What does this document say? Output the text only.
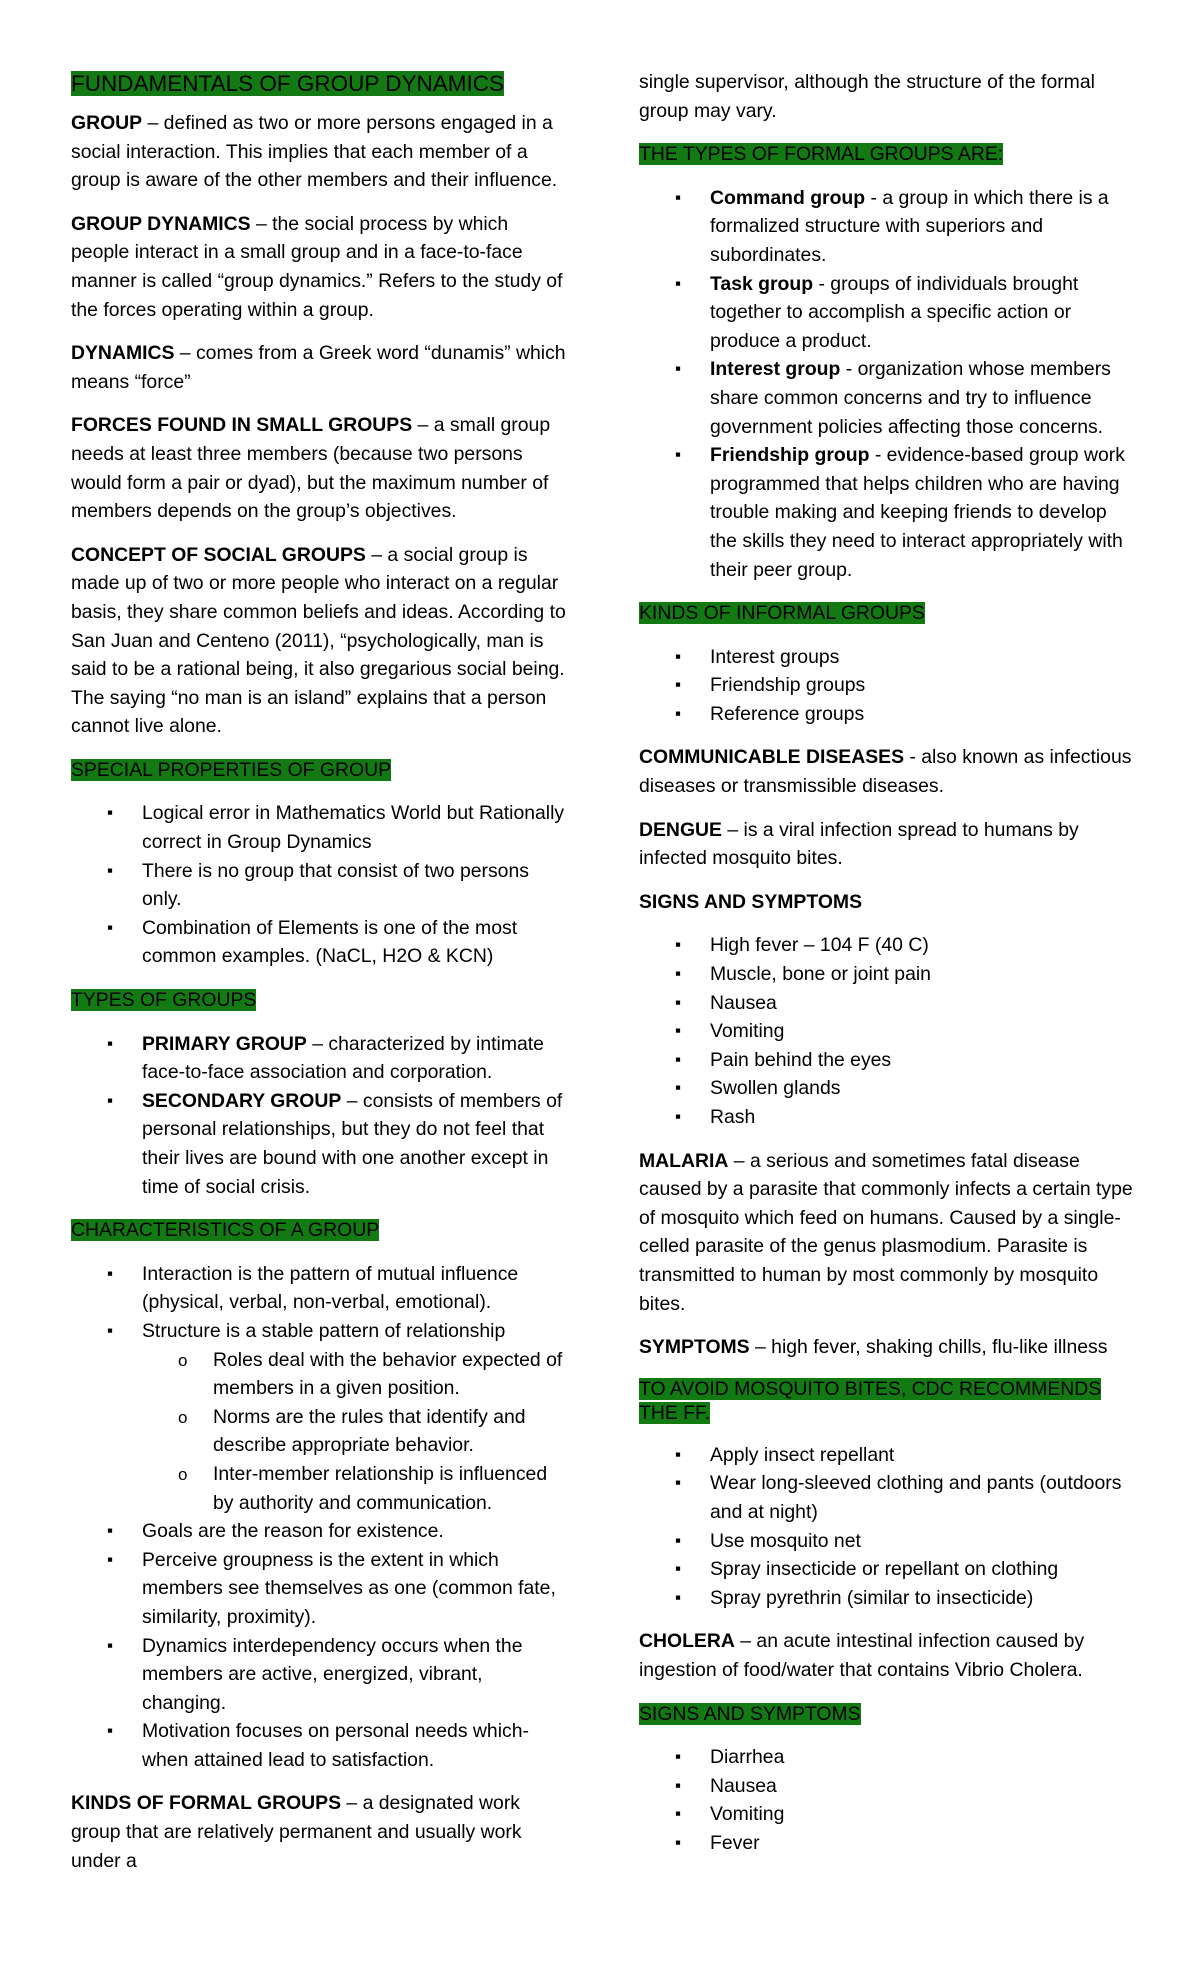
FUNDAMENTALS OF GROUP DYNAMICS

GROUP – defined as two or more persons engaged in a social interaction. This implies that each member of a group is aware of the other members and their influence.

GROUP DYNAMICS – the social process by which people interact in a small group and in a face-to-face manner is called “group dynamics.” Refers to the study of the forces operating within a group.

DYNAMICS – comes from a Greek word “dunamis” which means “force”

FORCES FOUND IN SMALL GROUPS – a small group needs at least three members (because two persons would form a pair or dyad), but the maximum number of members depends on the group’s objectives.

CONCEPT OF SOCIAL GROUPS – a social group is made up of two or more people who interact on a regular basis, they share common beliefs and ideas. According to San Juan and Centeno (2011), “psychologically, man is said to be a rational being, it also gregarious social being. The saying “no man is an island” explains that a person cannot live alone.

SPECIAL PROPERTIES OF GROUP

▪ Logical error in Mathematics World but Rationally correct in Group Dynamics
▪ There is no group that consist of two persons only.
▪ Combination of Elements is one of the most common examples. (NaCL, H2O & KCN)

TYPES OF GROUPS

▪ PRIMARY GROUP – characterized by intimate face-to-face association and corporation.
▪ SECONDARY GROUP – consists of members of personal relationships, but they do not feel that their lives are bound with one another except in time of social crisis.

CHARACTERISTICS OF A GROUP

▪ Interaction is the pattern of mutual influence (physical, verbal, non-verbal, emotional).
▪ Structure is a stable pattern of relationship
o Roles deal with the behavior expected of members in a given position.
o Norms are the rules that identify and describe appropriate behavior.
o Inter-member relationship is influenced by authority and communication.
▪ Goals are the reason for existence.
▪ Perceive groupness is the extent in which members see themselves as one (common fate, similarity, proximity).
▪ Dynamics interdependency occurs when the members are active, energized, vibrant, changing.
▪ Motivation focuses on personal needs which-when attained lead to satisfaction.

KINDS OF FORMAL GROUPS – a designated work group that are relatively permanent and usually work under a

single supervisor, although the structure of the formal group may vary.

THE TYPES OF FORMAL GROUPS ARE:

▪ Command group - a group in which there is a formalized structure with superiors and subordinates.
▪ Task group - groups of individuals brought together to accomplish a specific action or produce a product.
▪ Interest group - organization whose members share common concerns and try to influence government policies affecting those concerns.
▪ Friendship group - evidence-based group work programmed that helps children who are having trouble making and keeping friends to develop the skills they need to interact appropriately with their peer group.

KINDS OF INFORMAL GROUPS

▪ Interest groups
▪ Friendship groups
▪ Reference groups

COMMUNICABLE DISEASES - also known as infectious diseases or transmissible diseases.

DENGUE – is a viral infection spread to humans by infected mosquito bites.

SIGNS AND SYMPTOMS

▪ High fever – 104 F (40 C)
▪ Muscle, bone or joint pain
▪ Nausea
▪ Vomiting
▪ Pain behind the eyes
▪ Swollen glands
▪ Rash

MALARIA – a serious and sometimes fatal disease caused by a parasite that commonly infects a certain type of mosquito which feed on humans. Caused by a single-celled parasite of the genus plasmodium. Parasite is transmitted to human by most commonly by mosquito bites.

SYMPTOMS – high fever, shaking chills, flu-like illness

TO AVOID MOSQUITO BITES, CDC RECOMMENDS THE FF.

▪ Apply insect repellant
▪ Wear long-sleeved clothing and pants (outdoors and at night)
▪ Use mosquito net
▪ Spray insecticide or repellant on clothing
▪ Spray pyrethrin (similar to insecticide)

CHOLERA – an acute intestinal infection caused by ingestion of food/water that contains Vibrio Cholera.

SIGNS AND SYMPTOMS

▪ Diarrhea
▪ Nausea
▪ Vomiting
▪ Fever
